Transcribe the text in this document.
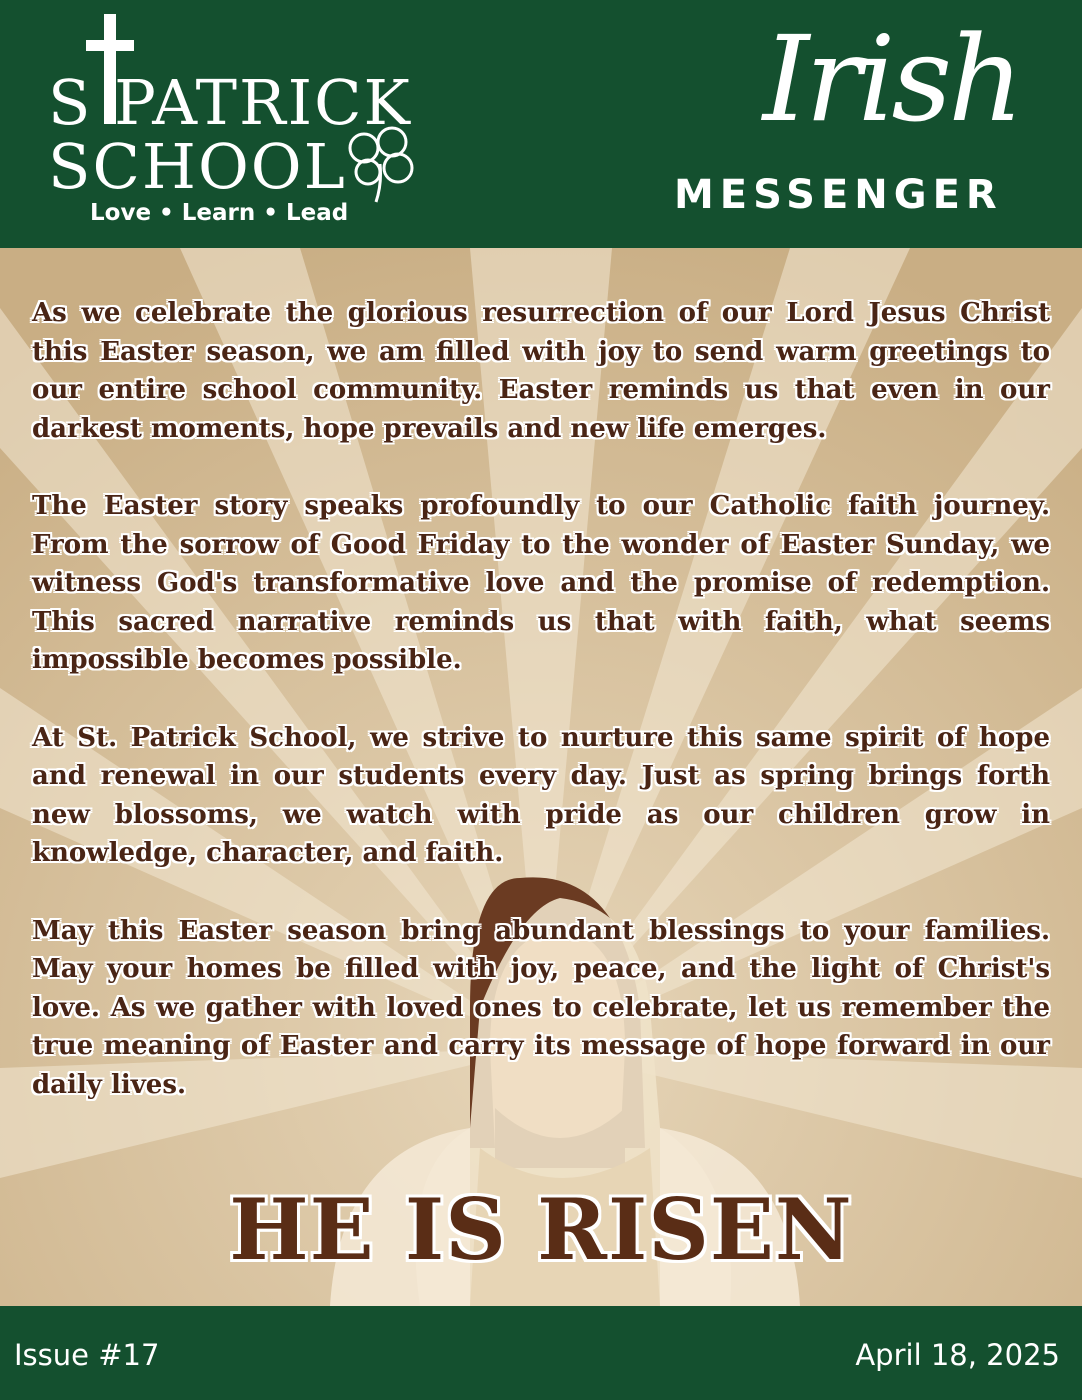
S PATRICK
SCHOOL
Love • Learn • Lead
Irish
MESSENGER

As we celebrate the glorious resurrection of our Lord Jesus Christ this Easter season, we am filled with joy to send warm greetings to our entire school community. Easter reminds us that even in our darkest moments, hope prevails and new life emerges.

The Easter story speaks profoundly to our Catholic faith journey. From the sorrow of Good Friday to the wonder of Easter Sunday, we witness God's transformative love and the promise of redemption. This sacred narrative reminds us that with faith, what seems impossible becomes possible.

At St. Patrick School, we strive to nurture this same spirit of hope and renewal in our students every day. Just as spring brings forth new blossoms, we watch with pride as our children grow in knowledge, character, and faith.

May this Easter season bring abundant blessings to your families. May your homes be filled with joy, peace, and the light of Christ's love. As we gather with loved ones to celebrate, let us remember the true meaning of Easter and carry its message of hope forward in our daily lives.

HE IS RISEN
Issue #17	April 18, 2025
